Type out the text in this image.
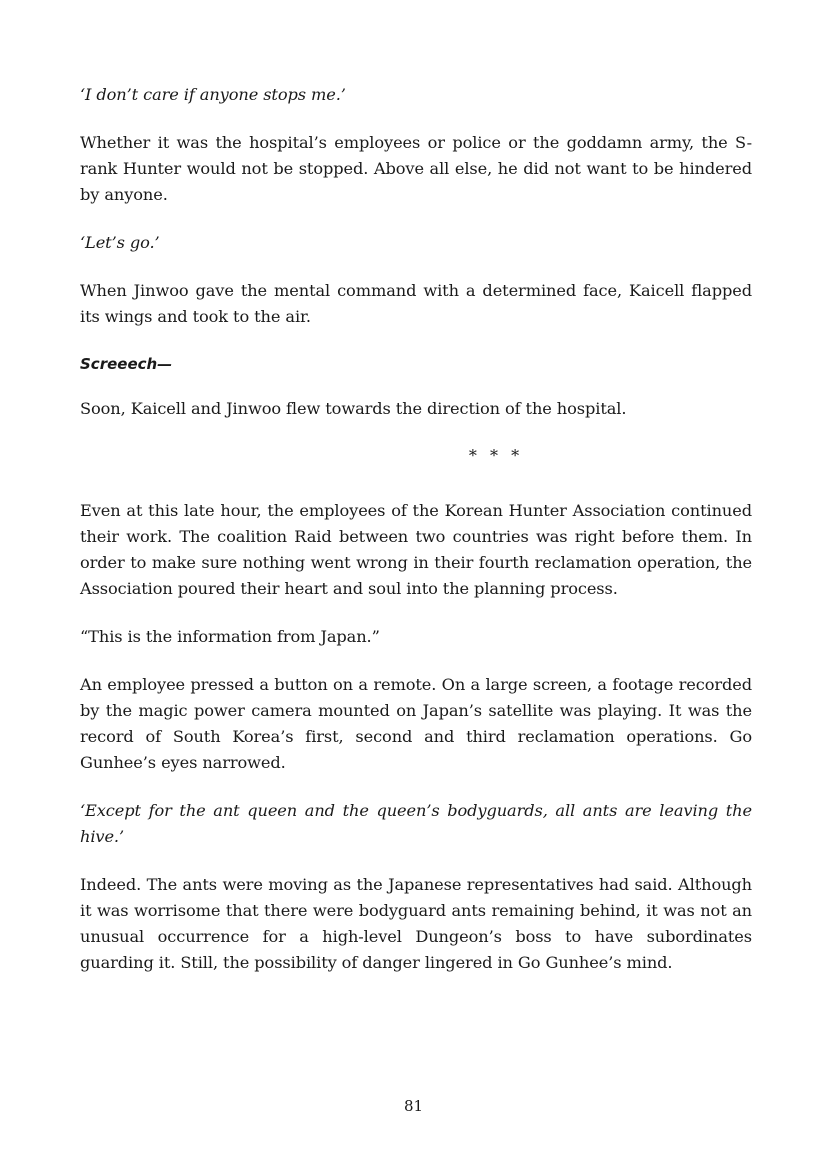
‘I don’t care if anyone stops me.’

Whether it was the hospital’s employees or police or the goddamn army, the S-rank Hunter would not be stopped. Above all else, he did not want to be hindered by anyone.

‘Let’s go.’

When Jinwoo gave the mental command with a determined face, Kaicell flapped its wings and took to the air.

Screeech—

Soon, Kaicell and Jinwoo flew towards the direction of the hospital.

* * *

Even at this late hour, the employees of the Korean Hunter Association continued their work. The coalition Raid between two countries was right before them. In order to make sure nothing went wrong in their fourth reclamation operation, the Association poured their heart and soul into the planning process.

“This is the information from Japan.”

An employee pressed a button on a remote. On a large screen, a footage recorded by the magic power camera mounted on Japan’s satellite was playing. It was the record of South Korea’s first, second and third reclamation operations. Go Gunhee’s eyes narrowed.

‘Except for the ant queen and the queen’s bodyguards, all ants are leaving the hive.’

Indeed. The ants were moving as the Japanese representatives had said. Although it was worrisome that there were bodyguard ants remaining behind, it was not an unusual occurrence for a high-level Dungeon’s boss to have subordinates guarding it. Still, the possibility of danger lingered in Go Gunhee’s mind.

81
